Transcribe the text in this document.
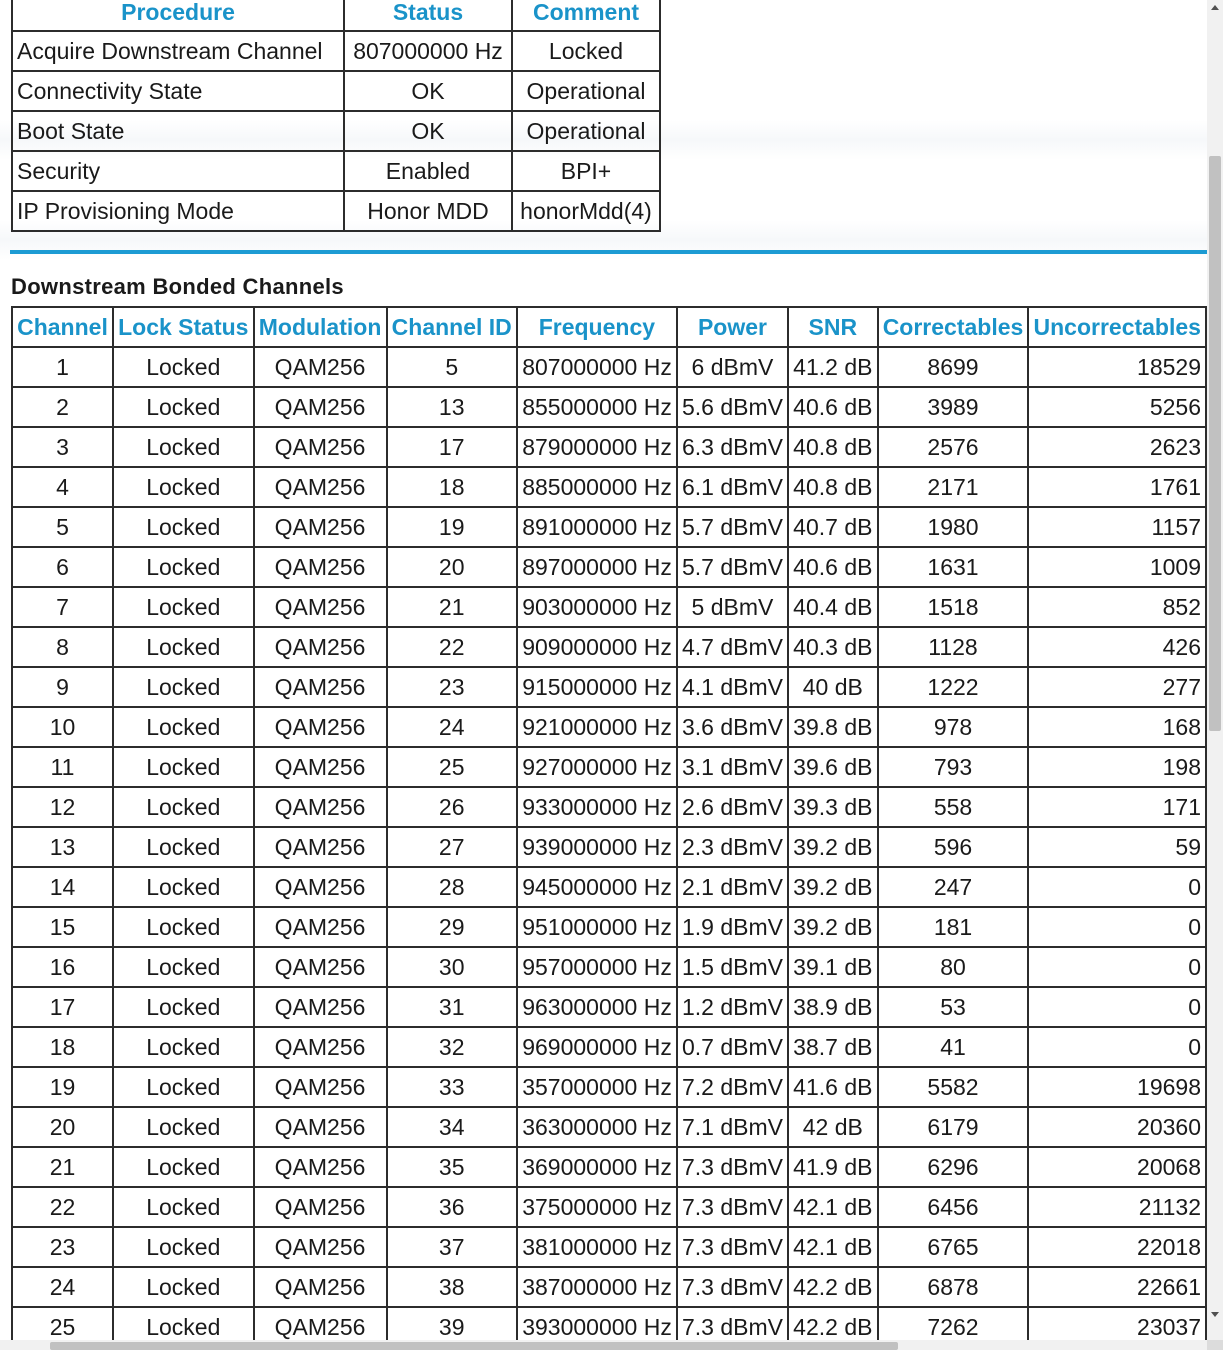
Procedure	Status	Comment
Acquire Downstream Channel	807000000 Hz	Locked
Connectivity State	OK	Operational
Boot State	OK	Operational
Security	Enabled	BPI+
IP Provisioning Mode	Honor MDD	honorMdd(4)
Downstream Bonded Channels
Channel	Lock Status	Modulation	Channel ID	Frequency	Power	SNR	Correctables	Uncorrectables
1	Locked	QAM256	5	807000000 Hz	6 dBmV	41.2 dB	8699	18529
2	Locked	QAM256	13	855000000 Hz	5.6 dBmV	40.6 dB	3989	5256
3	Locked	QAM256	17	879000000 Hz	6.3 dBmV	40.8 dB	2576	2623
4	Locked	QAM256	18	885000000 Hz	6.1 dBmV	40.8 dB	2171	1761
5	Locked	QAM256	19	891000000 Hz	5.7 dBmV	40.7 dB	1980	1157
6	Locked	QAM256	20	897000000 Hz	5.7 dBmV	40.6 dB	1631	1009
7	Locked	QAM256	21	903000000 Hz	5 dBmV	40.4 dB	1518	852
8	Locked	QAM256	22	909000000 Hz	4.7 dBmV	40.3 dB	1128	426
9	Locked	QAM256	23	915000000 Hz	4.1 dBmV	40 dB	1222	277
10	Locked	QAM256	24	921000000 Hz	3.6 dBmV	39.8 dB	978	168
11	Locked	QAM256	25	927000000 Hz	3.1 dBmV	39.6 dB	793	198
12	Locked	QAM256	26	933000000 Hz	2.6 dBmV	39.3 dB	558	171
13	Locked	QAM256	27	939000000 Hz	2.3 dBmV	39.2 dB	596	59
14	Locked	QAM256	28	945000000 Hz	2.1 dBmV	39.2 dB	247	0
15	Locked	QAM256	29	951000000 Hz	1.9 dBmV	39.2 dB	181	0
16	Locked	QAM256	30	957000000 Hz	1.5 dBmV	39.1 dB	80	0
17	Locked	QAM256	31	963000000 Hz	1.2 dBmV	38.9 dB	53	0
18	Locked	QAM256	32	969000000 Hz	0.7 dBmV	38.7 dB	41	0
19	Locked	QAM256	33	357000000 Hz	7.2 dBmV	41.6 dB	5582	19698
20	Locked	QAM256	34	363000000 Hz	7.1 dBmV	42 dB	6179	20360
21	Locked	QAM256	35	369000000 Hz	7.3 dBmV	41.9 dB	6296	20068
22	Locked	QAM256	36	375000000 Hz	7.3 dBmV	42.1 dB	6456	21132
23	Locked	QAM256	37	381000000 Hz	7.3 dBmV	42.1 dB	6765	22018
24	Locked	QAM256	38	387000000 Hz	7.3 dBmV	42.2 dB	6878	22661
25	Locked	QAM256	39	393000000 Hz	7.3 dBmV	42.2 dB	7262	23037
